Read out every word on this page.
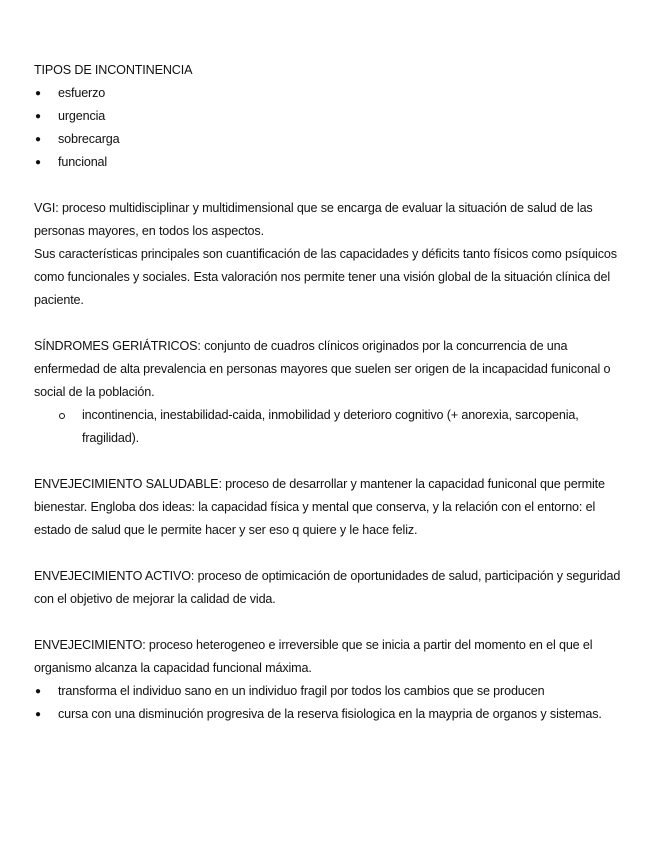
TIPOS DE INCONTINENCIA

● esfuerzo
● urgencia
● sobrecarga
● funcional

VGI: proceso multidisciplinar y multidimensional que se encarga de evaluar la situación de salud de las personas mayores, en todos los aspectos.

Sus características principales son cuantificación de las capacidades y déficits tanto físicos como psíquicos como funcionales y sociales. Esta valoración nos permite tener una visión global de la situación clínica del paciente.

SÍNDROMES GERIÁTRICOS: conjunto de cuadros clínicos originados por la concurrencia de una enfermedad de alta prevalencia en personas mayores que suelen ser origen de la incapacidad funiconal o social de la población.

incontinencia, inestabilidad-caida, inmobilidad y deterioro cognitivo (+ anorexia, sarcopenia, fragilidad).

ENVEJECIMIENTO SALUDABLE: proceso de desarrollar y mantener la capacidad funiconal que permite bienestar. Engloba dos ideas: la capacidad física y mental que conserva, y la relación con el entorno: el estado de salud que le permite hacer y ser eso q quiere y le hace feliz.

ENVEJECIMIENTO ACTIVO: proceso de optimicación de oportunidades de salud, participación y seguridad con el objetivo de mejorar la calidad de vida.

ENVEJECIMIENTO: proceso heterogeneo e irreversible que se inicia a partir del momento en el que el organismo alcanza la capacidad funcional máxima.

● transforma el individuo sano en un individuo fragil por todos los cambios que se producen
● cursa con una disminución progresiva de la reserva fisiologica en la maypria de organos y sistemas.
